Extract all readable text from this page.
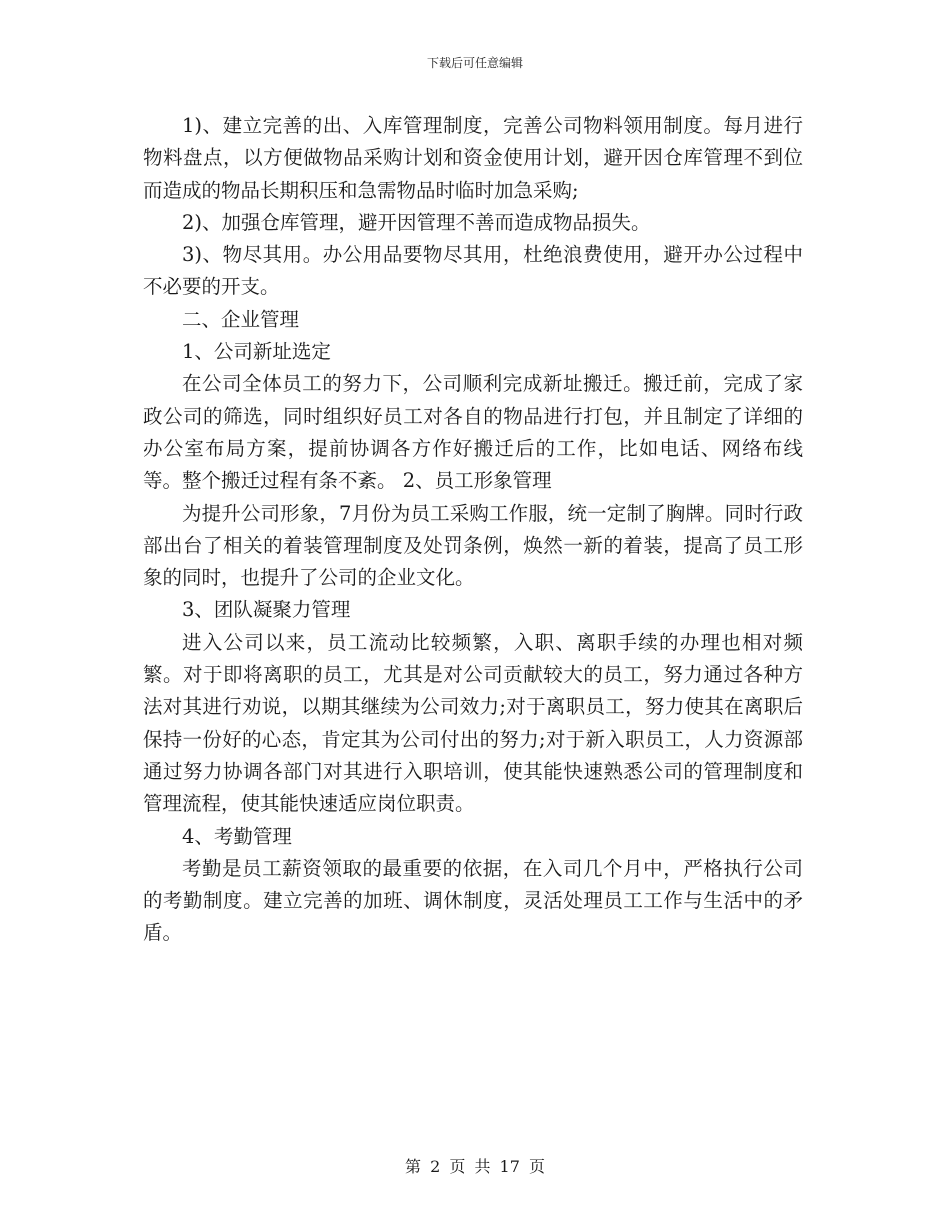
下载后可任意编辑

1)、建立完善的出、入库管理制度，完善公司物料领用制度。每月进行物料盘点，以方便做物品采购计划和资金使用计划，避开因仓库管理不到位而造成的物品长期积压和急需物品时临时加急采购;

2)、加强仓库管理，避开因管理不善而造成物品损失。

3)、物尽其用。办公用品要物尽其用，杜绝浪费使用，避开办公过程中不必要的开支。

二、企业管理

1、公司新址选定

在公司全体员工的努力下，公司顺利完成新址搬迁。搬迁前，完成了家政公司的筛选，同时组织好员工对各自的物品进行打包，并且制定了详细的办公室布局方案，提前协调各方作好搬迁后的工作，比如电话、网络布线等。整个搬迁过程有条不紊。 2、员工形象管理

为提升公司形象，7月份为员工采购工作服，统一定制了胸牌。同时行政部出台了相关的着装管理制度及处罚条例，焕然一新的着装，提高了员工形象的同时，也提升了公司的企业文化。

3、团队凝聚力管理

进入公司以来，员工流动比较频繁，入职、离职手续的办理也相对频繁。对于即将离职的员工，尤其是对公司贡献较大的员工，努力通过各种方法对其进行劝说，以期其继续为公司效力;对于离职员工，努力使其在离职后保持一份好的心态，肯定其为公司付出的努力;对于新入职员工，人力资源部通过努力协调各部门对其进行入职培训，使其能快速熟悉公司的管理制度和管理流程，使其能快速适应岗位职责。

4、考勤管理

考勤是员工薪资领取的最重要的依据，在入司几个月中，严格执行公司的考勤制度。建立完善的加班、调休制度，灵活处理员工工作与生活中的矛盾。

第 2 页 共 17 页
